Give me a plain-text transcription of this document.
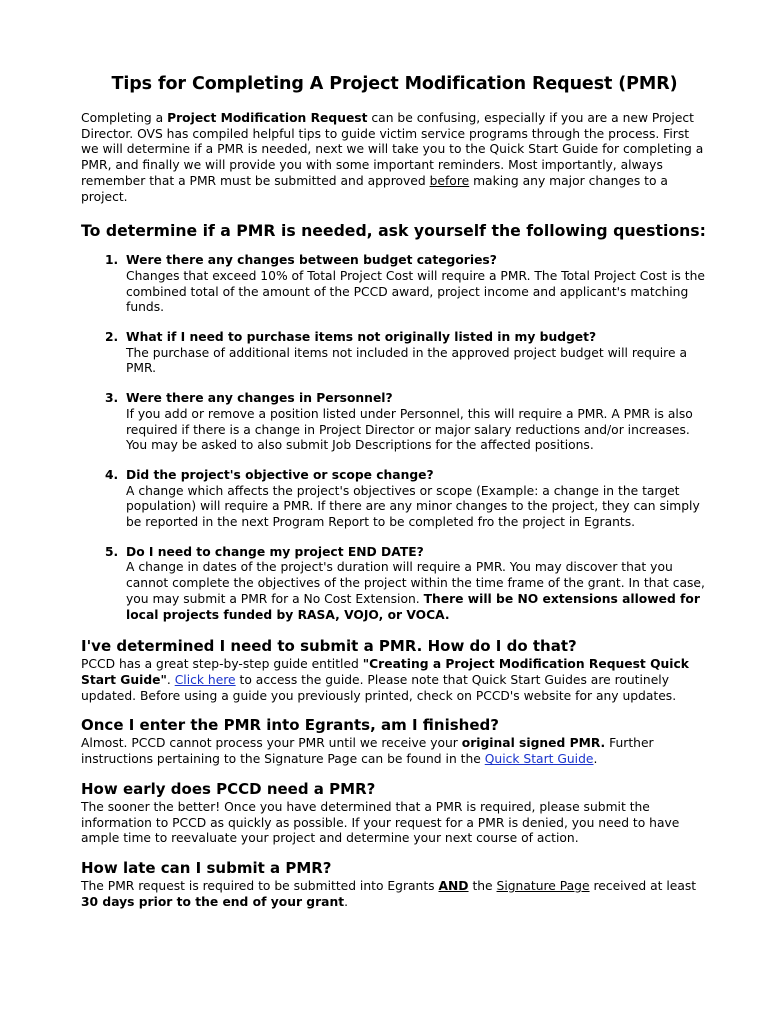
Tips for Completing A Project Modification Request (PMR)

Completing a Project Modification Request can be confusing, especially if you are a new Project Director. OVS has compiled helpful tips to guide victim service programs through the process. First we will determine if a PMR is needed, next we will take you to the Quick Start Guide for completing a PMR, and finally we will provide you with some important reminders. Most importantly, always remember that a PMR must be submitted and approved before making any major changes to a project.

To determine if a PMR is needed, ask yourself the following questions:
1. Were there any changes between budget categories?
Changes that exceed 10% of Total Project Cost will require a PMR. The Total Project Cost is the combined total of the amount of the PCCD award, project income and applicant's matching funds.
2. What if I need to purchase items not originally listed in my budget?
The purchase of additional items not included in the approved project budget will require a PMR.
3. Were there any changes in Personnel?
If you add or remove a position listed under Personnel, this will require a PMR. A PMR is also required if there is a change in Project Director or major salary reductions and/or increases. You may be asked to also submit Job Descriptions for the affected positions.
4. Did the project's objective or scope change?
A change which affects the project's objectives or scope (Example: a change in the target population) will require a PMR. If there are any minor changes to the project, they can simply be reported in the next Program Report to be completed fro the project in Egrants.
5. Do I need to change my project END DATE?
A change in dates of the project's duration will require a PMR. You may discover that you cannot complete the objectives of the project within the time frame of the grant. In that case, you may submit a PMR for a No Cost Extension. There will be NO extensions allowed for local projects funded by RASA, VOJO, or VOCA.
I've determined I need to submit a PMR. How do I do that?

PCCD has a great step-by-step guide entitled "Creating a Project Modification Request Quick Start Guide". Click here to access the guide. Please note that Quick Start Guides are routinely updated. Before using a guide you previously printed, check on PCCD's website for any updates.

Once I enter the PMR into Egrants, am I finished?

Almost. PCCD cannot process your PMR until we receive your original signed PMR. Further instructions pertaining to the Signature Page can be found in the Quick Start Guide.

How early does PCCD need a PMR?

The sooner the better! Once you have determined that a PMR is required, please submit the information to PCCD as quickly as possible. If your request for a PMR is denied, you need to have ample time to reevaluate your project and determine your next course of action.

How late can I submit a PMR?

The PMR request is required to be submitted into Egrants AND the Signature Page received at least 30 days prior to the end of your grant.
